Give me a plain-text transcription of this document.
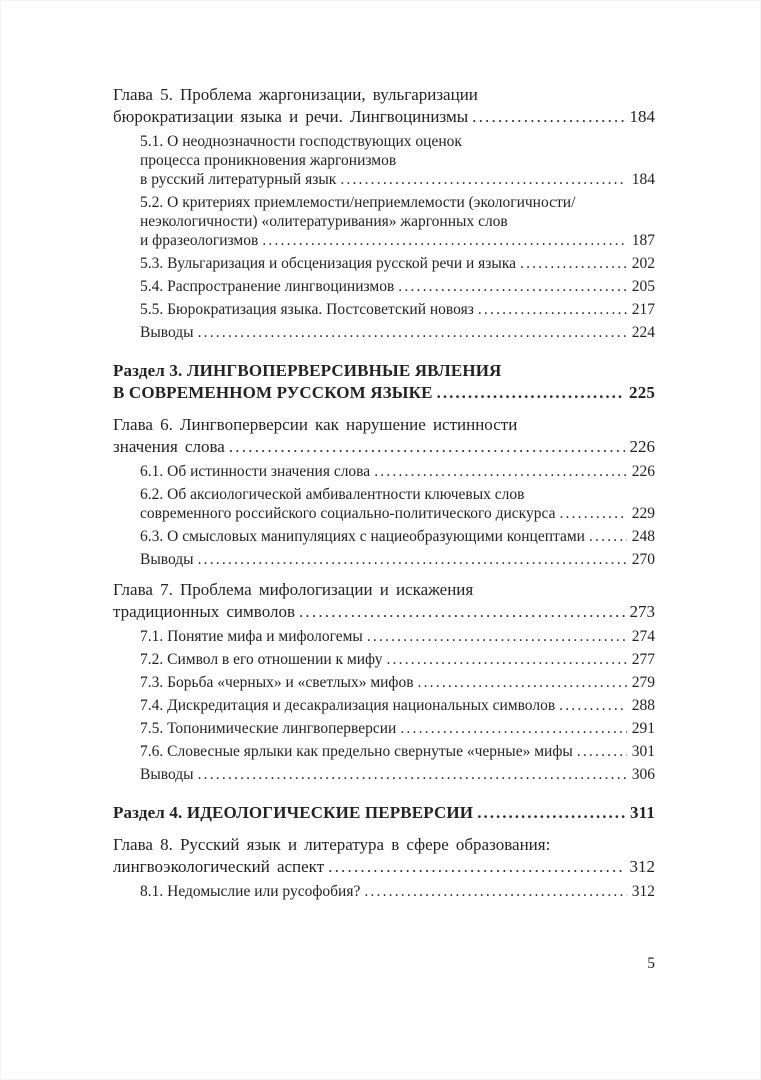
Глава 5. Проблема жаргонизации, вульгаризации
бюрократизации языка и речи. Лингвоцинизмы .....	184
5.1. О неоднозначности господствующих оценок
процесса проникновения жаргонизмов
в русский литературный язык .....	184
5.2. О критериях приемлемости/неприемлемости (экологичности/
неэкологичности) «олитературивания» жаргонных слов
и фразеологизмов .....	187
5.3. Вульгаризация и обсценизация русской речи и языка .....	202
5.4. Распространение лингвоцинизмов .....	205
5.5. Бюрократизация языка. Постсоветский новояз .....	217
Выводы .....	224
Раздел 3. ЛИНГВОПЕРВЕРСИВНЫЕ ЯВЛЕНИЯ
В СОВРЕМЕННОМ РУССКОМ ЯЗЫКЕ .....	225
Глава 6. Лингвоперверсии как нарушение истинности
значения слова .....	226
6.1. Об истинности значения слова .....	226
6.2. Об аксиологической амбивалентности ключевых слов
современного российского социально-политического дискурса .....	229
6.3. О смысловых манипуляциях с нациеобразующими концептами .....	248
Выводы .....	270
Глава 7. Проблема мифологизации и искажения
традиционных символов .....	273
7.1. Понятие мифа и мифологемы .....	274
7.2. Символ в его отношении к мифу .....	277
7.3. Борьба «черных» и «светлых» мифов .....	279
7.4. Дискредитация и десакрализация национальных символов .....	288
7.5. Топонимические лингвоперверсии .....	291
7.6. Словесные ярлыки как предельно свернутые «черные» мифы .....	301
Выводы .....	306
Раздел 4. ИДЕОЛОГИЧЕСКИЕ ПЕРВЕРСИИ .....	311
Глава 8. Русский язык и литература в сфере образования:
лингвоэкологический аспект .....	312
8.1. Недомыслие или русофобия? .....	312
5
